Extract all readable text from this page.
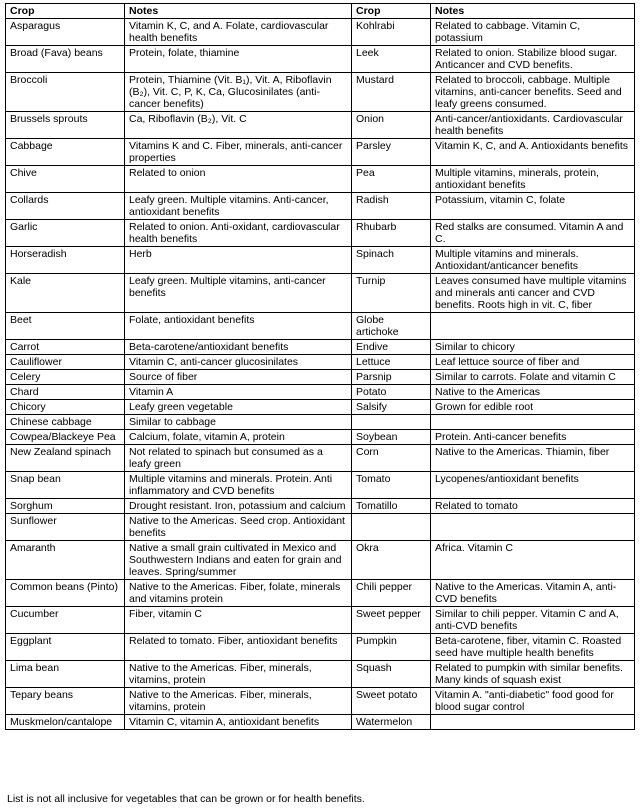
Crop	Notes	Crop	Notes
Asparagus	Vitamin K, C, and A. Folate, cardiovascular health benefits	Kohlrabi	Related to cabbage. Vitamin C, potassium
Broad (Fava) beans	Protein, folate, thiamine	Leek	Related to onion. Stabilize blood sugar. Anticancer and CVD benefits.
Broccoli	Protein, Thiamine (Vit. B₁), Vit. A, Riboflavin (B₂), Vit. C, P, K, Ca, Glucosinilates (anti-cancer benefits)	Mustard	Related to broccoli, cabbage. Multiple vitamins, anti-cancer benefits. Seed and leafy greens consumed.
Brussels sprouts	Ca, Riboflavin (B₂), Vit. C	Onion	Anti-cancer/antioxidants. Cardiovascular health benefits
Cabbage	Vitamins K and C. Fiber, minerals, anti-cancer properties	Parsley	Vitamin K, C, and A. Antioxidants benefits
Chive	Related to onion	Pea	Multiple vitamins, minerals, protein, antioxidant benefits
Collards	Leafy green. Multiple vitamins. Anti-cancer, antioxidant benefits	Radish	Potassium, vitamin C, folate
Garlic	Related to onion. Anti-oxidant, cardiovascular health benefits	Rhubarb	Red stalks are consumed. Vitamin A and C.
Horseradish	Herb	Spinach	Multiple vitamins and minerals. Antioxidant/anticancer benefits
Kale	Leafy green. Multiple vitamins, anti-cancer benefits	Turnip	Leaves consumed have multiple vitamins and minerals anti cancer and CVD benefits. Roots high in vit. C, fiber
Beet	Folate, antioxidant benefits	Globe artichoke	
Carrot	Beta-carotene/antioxidant benefits	Endive	Similar to chicory
Cauliflower	Vitamin C, anti-cancer glucosinilates	Lettuce	Leaf lettuce source of fiber and
Celery	Source of fiber	Parsnip	Similar to carrots. Folate and vitamin C
Chard	Vitamin A	Potato	Native to the Americas
Chicory	Leafy green vegetable	Salsify	Grown for edible root
Chinese cabbage	Similar to cabbage		
Cowpea/Blackeye Pea	Calcium, folate, vitamin A, protein	Soybean	Protein. Anti-cancer benefits
New Zealand spinach	Not related to spinach but consumed as a leafy green	Corn	Native to the Americas. Thiamin, fiber
Snap bean	Multiple vitamins and minerals. Protein. Anti inflammatory and CVD benefits	Tomato	Lycopenes/antioxidant benefits
Sorghum	Drought resistant. Iron, potassium and calcium	Tomatillo	Related to tomato
Sunflower	Native to the Americas. Seed crop. Antioxidant benefits		
Amaranth	Native a small grain cultivated in Mexico and Southwestern Indians and eaten for grain and leaves. Spring/summer	Okra	Africa. Vitamin C
Common beans (Pinto)	Native to the Americas. Fiber, folate, minerals and vitamins protein	Chili pepper	Native to the Americas. Vitamin A, anti-CVD benefits
Cucumber	Fiber, vitamin C	Sweet pepper	Similar to chili pepper. Vitamin C and A, anti-CVD benefits
Eggplant	Related to tomato. Fiber, antioxidant benefits	Pumpkin	Beta-carotene, fiber, vitamin C. Roasted seed have multiple health benefits
Lima bean	Native to the Americas. Fiber, minerals, vitamins, protein	Squash	Related to pumpkin with similar benefits. Many kinds of squash exist
Tepary beans	Native to the Americas. Fiber, minerals, vitamins, protein	Sweet potato	Vitamin A. "anti-diabetic" food good for blood sugar control
Muskmelon/cantalope	Vitamin C, vitamin A, antioxidant benefits	Watermelon	
List is not all inclusive for vegetables that can be grown or for health benefits.
